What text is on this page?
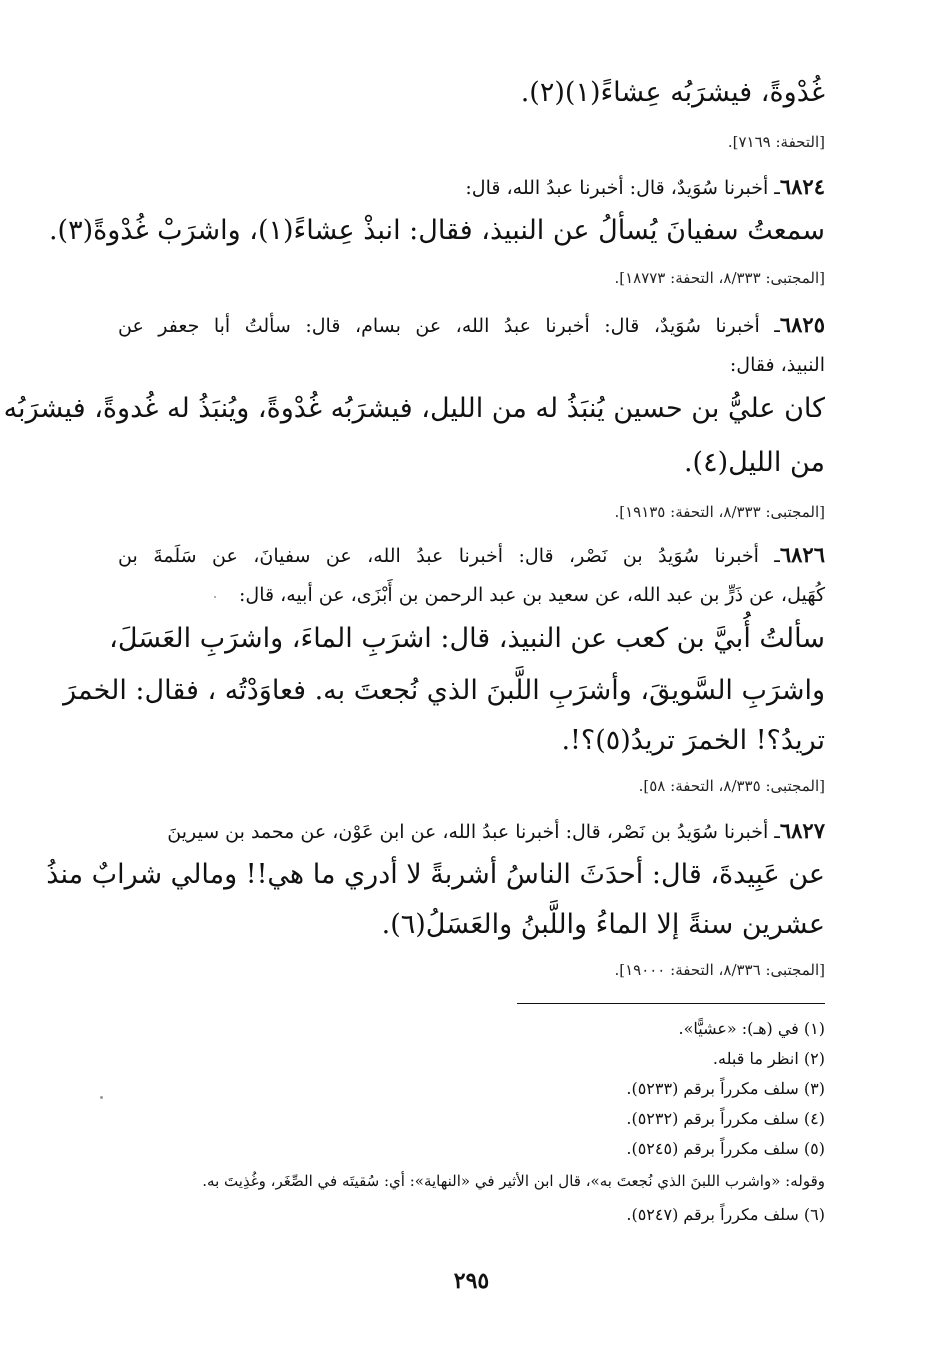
غُدْوةً، فيشرَبُه عِشاءً(١)(٢).
[التحفة: ٧١٦٩].
٦٨٢٤ـ أخبرنا سُوَيدٌ، قال: أخبرنا عبدُ الله، قال:
سمعتُ سفيانَ يُسألُ عن النبيذ، فقال: انبذْ عِشاءً(١)، واشرَبْ غُدْوةً(٣).
[المجتبى: ٨/٣٣٣، التحفة: ١٨٧٧٣].
٦٨٢٥ـ أخبرنا سُوَيدٌ، قال: أخبرنا عبدُ الله، عن بسام، قال: سألتُ أبا جعفر عن
النبيذ، فقال:
كان عليُّ بن حسين يُنبَذُ له من الليل، فيشرَبُه غُدْوةً، ويُنبَذُ له غُدوةً، فيشرَبُه
من الليل(٤).
[المجتبى: ٨/٣٣٣، التحفة: ١٩١٣٥].
٦٨٢٦ـ أخبرنا سُوَيدُ بن نَصْر، قال: أخبرنا عبدُ الله، عن سفيانَ، عن سَلَمةَ بن
كُهَيل، عن ذَرٍّ بن عبد الله، عن سعيد بن عبد الرحمن بن أَبْزَى، عن أبيه، قال:
سألتُ أُبيَّ بن كعب عن النبيذ، قال: اشرَبِ الماءَ، واشرَبِ العَسَلَ،
واشرَبِ السَّويقَ، وأشرَبِ اللَّبنَ الذي نُجعتَ به. فعاوَدْتُه ، فقال: الخمرَ
تريدُ؟! الخمرَ تريدُ(٥)؟!.
[المجتبى: ٨/٣٣٥، التحفة: ٥٨].
٦٨٢٧ـ أخبرنا سُوَيدُ بن نَصْر، قال: أخبرنا عبدُ الله، عن ابن عَوْن، عن محمد بن سيرينَ
عن عَبِيدةَ، قال: أحدَثَ الناسُ أشربةً لا أدري ما هي!! ومالي شرابٌ منذُ
عشرين سنةً إلا الماءُ واللَّبنُ والعَسَلُ(٦).
[المجتبى: ٨/٣٣٦، التحفة: ١٩٠٠٠].
(١) في (هـ): «عشيًّا».
(٢) انظر ما قبله.
(٣) سلف مكرراً برقم (٥٢٣٣).
(٤) سلف مكرراً برقم (٥٢٣٢).
(٥) سلف مكرراً برقم (٥٢٤٥).
وقوله: «واشرب اللبنَ الذي نُجعتَ به»، قال ابن الأثير في «النهاية»: أي: سُقيتَه في الصِّغَر، وغُذِيتَ به.
(٦) سلف مكرراً برقم (٥٢٤٧).
٢٩٥
